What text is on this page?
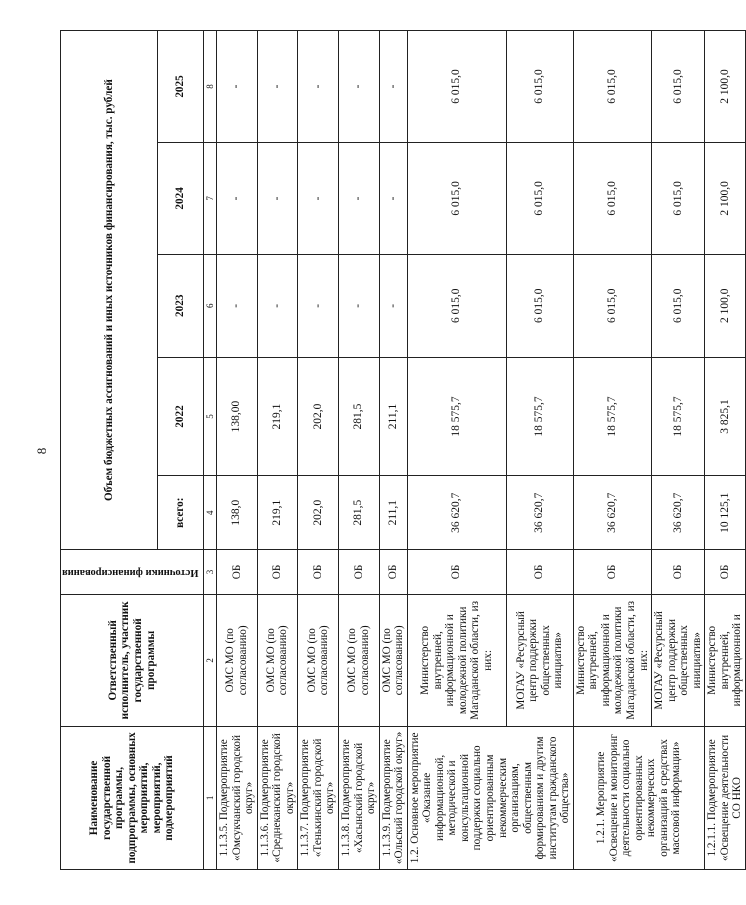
8
Наименование государственной программы, подпрограммы, основных мероприятий, мероприятий, подмероприятий	Ответственный исполнитель, участник государственной программы	Источники финансирования	Объем бюджетных ассигнований и иных источников финансирования, тыс. рублей				
			всего:	2022	2023	2024	2025
1	2	3	4	5	6	7	8
1.1.3.5. Подмероприятие «Омсукчанский городской округ»	ОМС МО (по согласованию)	ОБ	138,0	138,00	-	-	-
1.1.3.6. Подмероприятие «Среднеканский городской округ»	ОМС МО (по согласованию)	ОБ	219,1	219,1	-	-	-
1.1.3.7. Подмероприятие «Тенькинский городской округ»	ОМС МО (по согласованию)	ОБ	202,0	202,0	-	-	-
1.1.3.8. Подмероприятие «Хасынский городской округ»	ОМС МО (по согласованию)	ОБ	281,5	281,5	-	-	-
1.1.3.9. Подмероприятие «Ольский городской округ»	ОМС МО (по согласованию)	ОБ	211,1	211,1	-	-	-
1.2. Основное мероприятие «Оказание информационной, методической и консультационной поддержки социально ориентированным некоммерческим организациям, общественным формированиям и другим институтам гражданского общества»	Министерство внутренней, информационной и молодежной политики Магаданской области, из них:	ОБ	36 620,7	18 575,7	6 015,0	6 015,0	6 015,0
	МОГАУ «Ресурсный центр поддержки общественных инициатив»	ОБ	36 620,7	18 575,7	6 015,0	6 015,0	6 015,0
1.2.1. Мероприятие «Освещение и мониторинг деятельности социально ориентированных некоммерческих организаций в средствах массовой информации»	Министерство внутренней, информационной и молодежной политики Магаданской области, из них:	ОБ	36 620,7	18 575,7	6 015,0	6 015,0	6 015,0
	МОГАУ «Ресурсный центр поддержки общественных инициатив»	ОБ	36 620,7	18 575,7	6 015,0	6 015,0	6 015,0
1.2.1.1. Подмероприятие «Освещение деятельности СО НКО	Министерство внутренней, информационной и	ОБ	10 125,1	3 825,1	2 100,0	2 100,0	2 100,0
